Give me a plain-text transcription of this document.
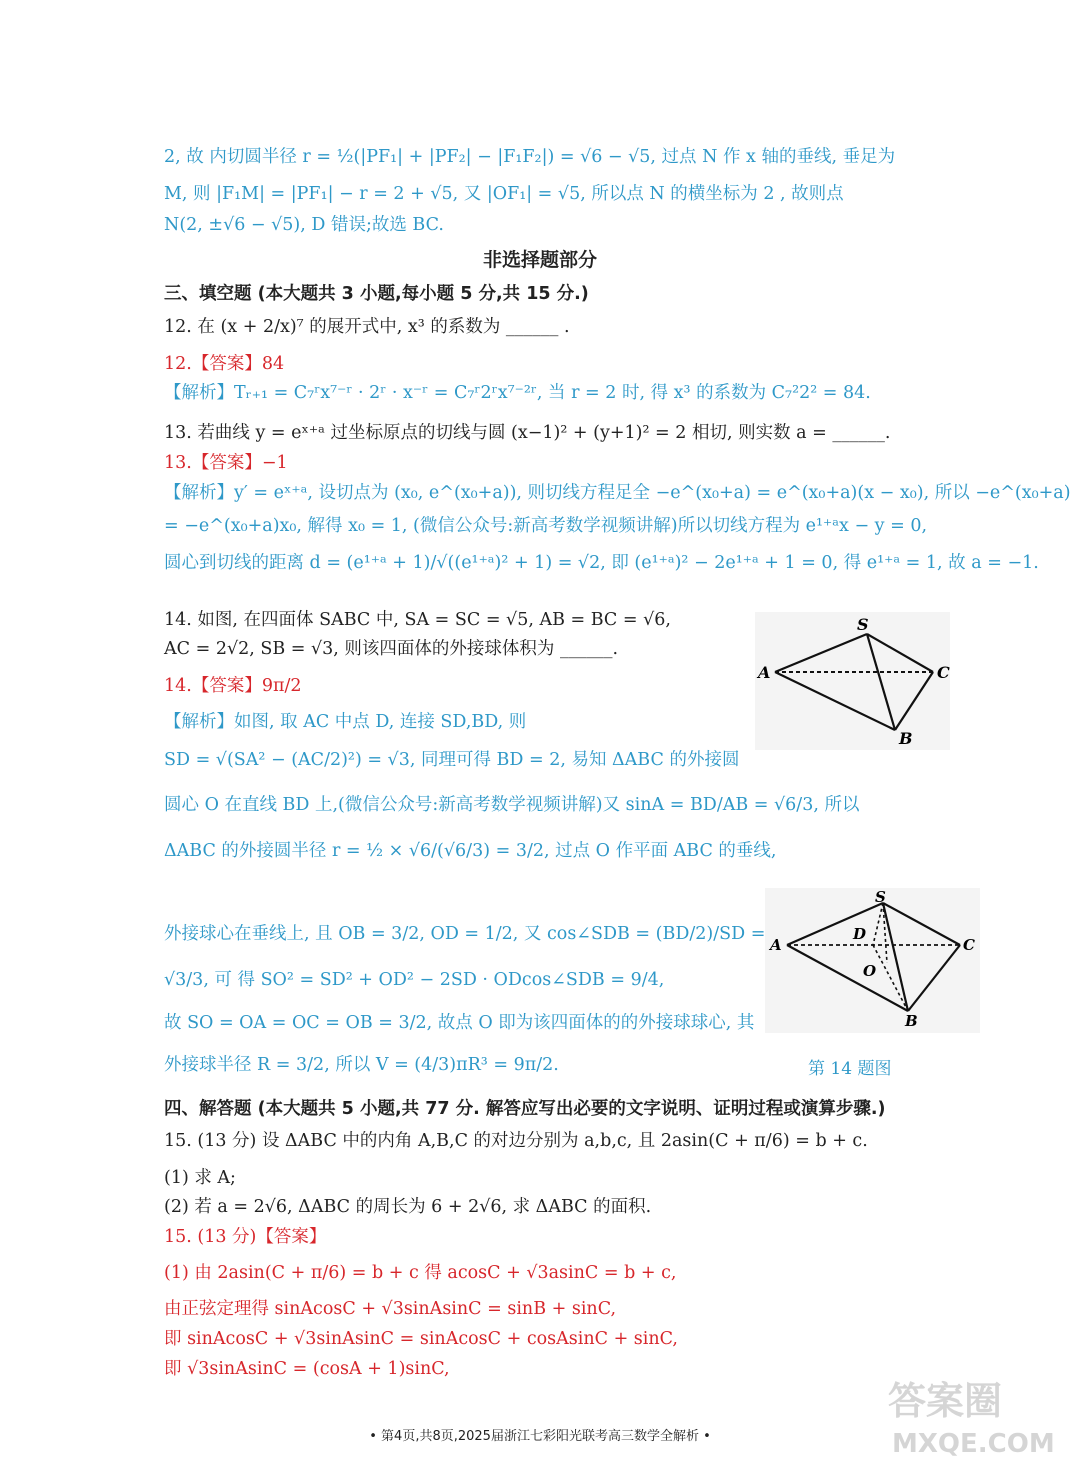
2, 故 内切圆半径 r = ½(|PF₁| + |PF₂| − |F₁F₂|) = √6 − √5, 过点 N 作 x 轴的垂线, 垂足为
M, 则 |F₁M| = |PF₁| − r = 2 + √5, 又 |OF₁| = √5, 所以点 N 的横坐标为 2 , 故则点
N(2, ±√6 − √5), D 错误;故选 BC.
非选择题部分
三、填空题 (本大题共 3 小题,每小题 5 分,共 15 分.)
12. 在 (x + 2/x)⁷ 的展开式中, x³ 的系数为 ______ .
12.【答案】84
【解析】Tᵣ₊₁ = C₇ʳx⁷⁻ʳ · 2ʳ · x⁻ʳ = C₇ʳ2ʳx⁷⁻²ʳ, 当 r = 2 时, 得 x³ 的系数为 C₇²2² = 84.
13. 若曲线 y = eˣ⁺ᵃ 过坐标原点的切线与圆 (x−1)² + (y+1)² = 2 相切, 则实数 a = ______.
13.【答案】−1
【解析】y′ = eˣ⁺ᵃ, 设切点为 (x₀, e^(x₀+a)), 则切线方程足全 −e^(x₀+a) = e^(x₀+a)(x − x₀), 所以 −e^(x₀+a)
= −e^(x₀+a)x₀, 解得 x₀ = 1, (微信公众号:新高考数学视频讲解)所以切线方程为 e¹⁺ᵃx − y = 0,
圆心到切线的距离 d = (e¹⁺ᵃ + 1)/√((e¹⁺ᵃ)² + 1) = √2, 即 (e¹⁺ᵃ)² − 2e¹⁺ᵃ + 1 = 0, 得 e¹⁺ᵃ = 1, 故 a = −1.
14. 如图, 在四面体 SABC 中, SA = SC = √5, AB = BC = √6,
AC = 2√2, SB = √3, 则该四面体的外接球体积为 ______.
14.【答案】9π/2
【解析】如图, 取 AC 中点 D, 连接 SD,BD, 则
SD = √(SA² − (AC/2)²) = √3, 同理可得 BD = 2, 易知 ΔABC 的外接圆
圆心 O 在直线 BD 上,(微信公众号:新高考数学视频讲解)又 sinA = BD/AB = √6/3, 所以
ΔABC 的外接圆半径 r = ½ × √6/(√6/3) = 3/2, 过点 O 作平面 ABC 的垂线,
外接球心在垂线上, 且 OB = 3/2, OD = 1/2, 又 cos∠SDB = (BD/2)/SD =
√3/3, 可 得 SO² = SD² + OD² − 2SD · ODcos∠SDB = 9/4,
故 SO = OA = OC = OB = 3/2, 故点 O 即为该四面体的的外接球球心, 其
外接球半径 R = 3/2, 所以 V = (4/3)πR³ = 9π/2.
S
A	C
B
S
A	C
B
D
O
第 14 题图
四、解答题 (本大题共 5 小题,共 77 分. 解答应写出必要的文字说明、证明过程或演算步骤.)
15. (13 分) 设 ΔABC 中的内角 A,B,C 的对边分别为 a,b,c, 且 2asin(C + π/6) = b + c.
(1) 求 A;
(2) 若 a = 2√6, ΔABC 的周长为 6 + 2√6, 求 ΔABC 的面积.
15. (13 分)【答案】
(1) 由 2asin(C + π/6) = b + c 得 acosC + √3asinC = b + c,
由正弦定理得 sinAcosC + √3sinAsinC = sinB + sinC,
即 sinAcosC + √3sinAsinC = sinAcosC + cosAsinC + sinC,
即 √3sinAsinC = (cosA + 1)sinC,
• 第4页,共8页,2025届浙江七彩阳光联考高三数学全解析 •
答案圈
MXQE.COM
